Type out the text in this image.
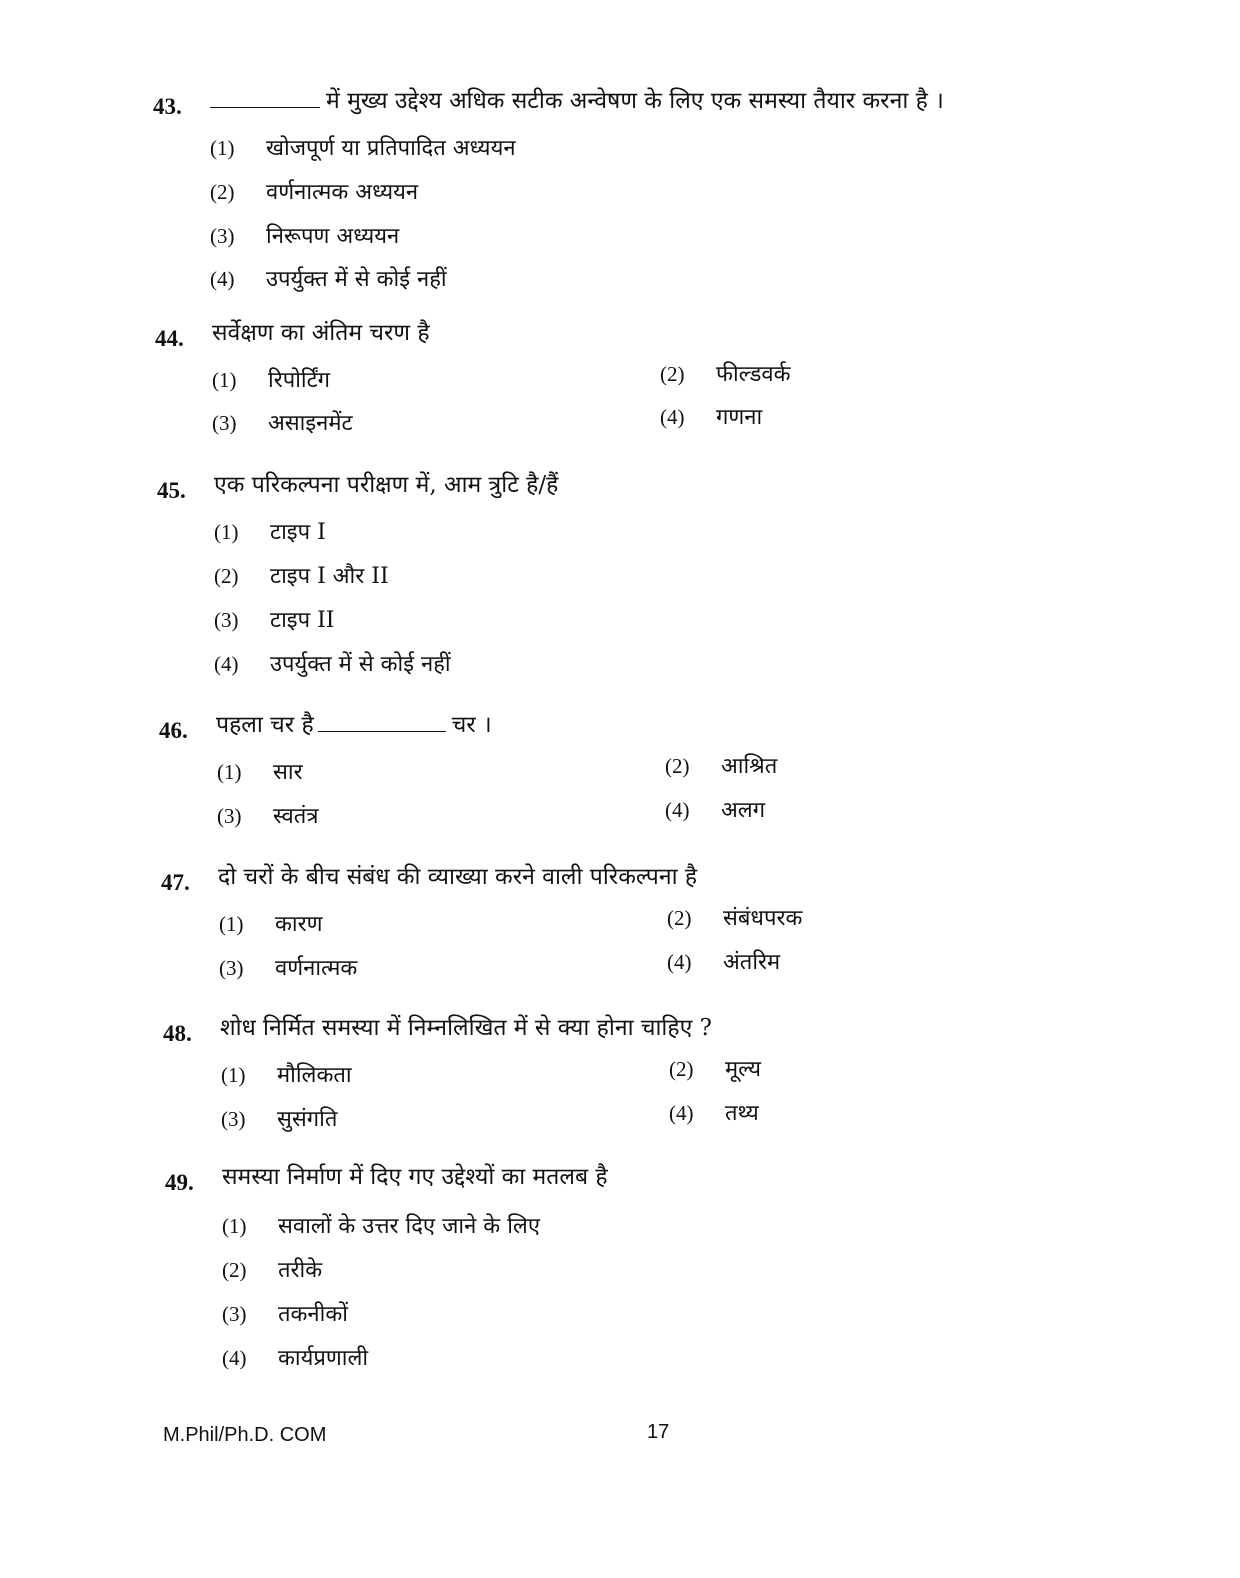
43.	में मुख्य उद्देश्य अधिक सटीक अन्वेषण के लिए एक समस्या तैयार करना है ।
(1) खोजपूर्ण या प्रतिपादित अध्ययन
(2) वर्णनात्मक अध्ययन
(3) निरूपण अध्ययन
(4) उपर्युक्त में से कोई नहीं
44. सर्वेक्षण का अंतिम चरण है
(1) रिपोर्टिंग	(2) फील्डवर्क
(3) असाइनमेंट	(4) गणना
45. एक परिकल्पना परीक्षण में, आम त्रुटि है/हैं
(1) टाइप I
(2) टाइप I और II
(3) टाइप II
(4) उपर्युक्त में से कोई नहीं
46. पहला चर है	चर ।
(1) सार	(2) आश्रित
(3) स्वतंत्र	(4) अलग
47. दो चरों के बीच संबंध की व्याख्या करने वाली परिकल्पना है
(1) कारण	(2) संबंधपरक
(3) वर्णनात्मक	(4) अंतरिम
48. शोध निर्मित समस्या में निम्नलिखित में से क्या होना चाहिए ?
(1) मौलिकता	(2) मूल्य
(3) सुसंगति	(4) तथ्य
49. समस्या निर्माण में दिए गए उद्देश्यों का मतलब है
(1) सवालों के उत्तर दिए जाने के लिए
(2) तरीके
(3) तकनीकों
(4) कार्यप्रणाली
M.Phil/Ph.D. COM	17
